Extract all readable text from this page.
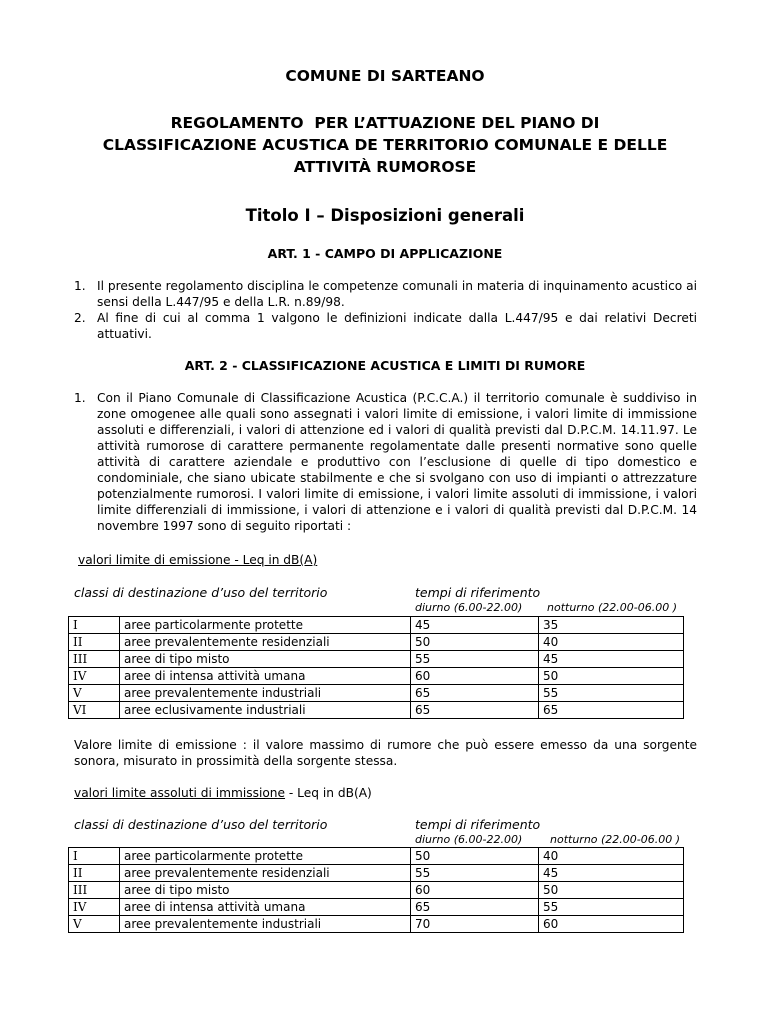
COMUNE DI SARTEANO
REGOLAMENTO  PER L’ATTUAZIONE DEL PIANO DI
CLASSIFICAZIONE ACUSTICA DE TERRITORIO COMUNALE E DELLE
ATTIVITÀ RUMOROSE
Titolo I – Disposizioni generali
ART. 1 - CAMPO DI APPLICAZIONE
1. Il presente regolamento disciplina le competenze comunali in materia di inquinamento acustico ai sensi della L.447/95 e della L.R. n.89/98.
2. Al fine di cui al comma 1 valgono le definizioni indicate dalla L.447/95 e dai relativi Decreti attuativi.
ART. 2 - CLASSIFICAZIONE ACUSTICA E LIMITI DI RUMORE
1. Con il Piano Comunale di Classificazione Acustica (P.C.C.A.) il territorio comunale è suddiviso in zone omogenee alle quali sono assegnati i valori limite di emissione, i valori limite di immissione assoluti e differenziali, i valori di attenzione ed i valori di qualità previsti dal D.P.C.M. 14.11.97. Le attività rumorose di carattere permanente regolamentate dalle presenti normative sono quelle attività di carattere aziendale e produttivo con l’esclusione di quelle di tipo domestico e condominiale, che siano ubicate stabilmente e che si svolgano con uso di impianti o attrezzature potenzialmente rumorosi. I valori limite di emissione, i valori limite assoluti di immissione, i valori limite differenziali di immissione, i valori di attenzione e i valori di qualità previsti dal D.P.C.M. 14 novembre 1997 sono di seguito riportati :
valori limite di emissione - Leq in dB(A)
classi di destinazione d’uso del territorio	tempi di riferimento
diurno (6.00-22.00) notturno (22.00-06.00 )
I	aree particolarmente protette	45	35
II	aree prevalentemente residenziali	50	40
III	aree di tipo misto	55	45
IV	aree di intensa attività umana	60	50
V	aree prevalentemente industriali	65	55
VI	aree eclusivamente industriali	65	65
Valore limite di emissione : il valore massimo di rumore che può essere emesso da una sorgente sonora, misurato in prossimità della sorgente stessa.
valori limite assoluti di immissione - Leq in dB(A)
classi di destinazione d’uso del territorio	tempi di riferimento
diurno (6.00-22.00)	notturno (22.00-06.00 )
I	aree particolarmente protette	50	40
II	aree prevalentemente residenziali	55	45
III	aree di tipo misto	60	50
IV	aree di intensa attività umana	65	55
V	aree prevalentemente industriali	70	60
